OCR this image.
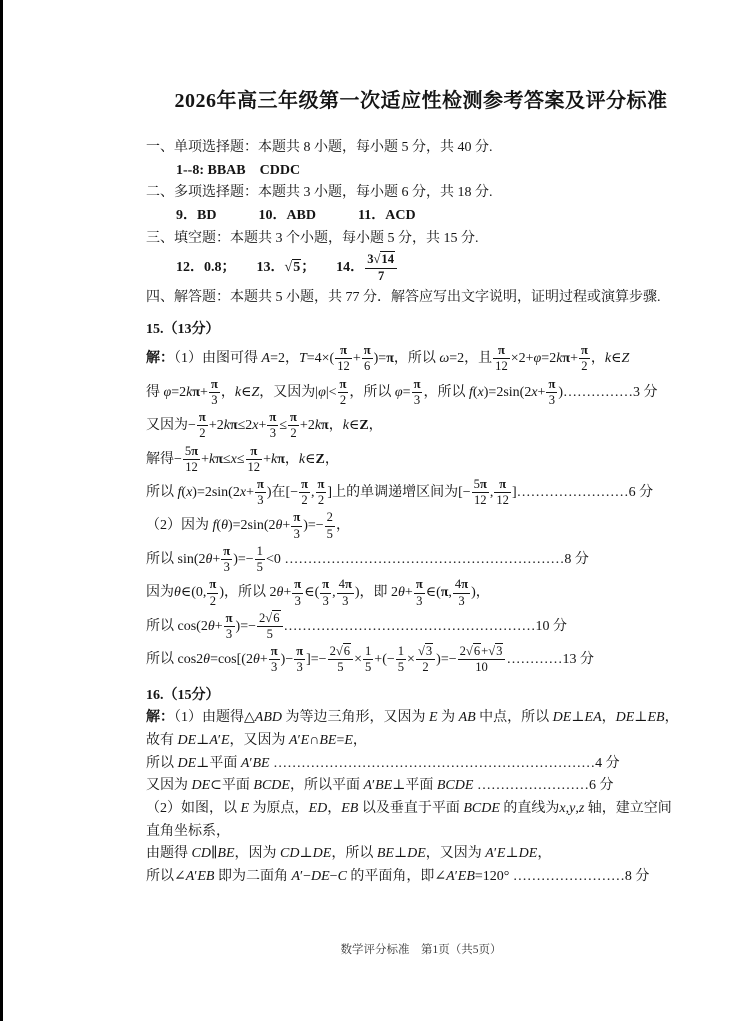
2026年高三年级第一次适应性检测参考答案及评分标准
一、单项选择题：本题共 8 小题，每小题 5 分，共 40 分.
1--8: BBAB CDDC
二、多项选择题：本题共 3 小题，每小题 6 分，共 18 分.
9．BD   10．ABD   11．ACD
三、填空题：本题共 3 个小题，每小题 5 分，共 15 分.
12．0.8；  13．√5；  14． $\frac{3√14}{7}$
四、解答题：本题共 5 小题，共 77 分．解答应写出文字说明，证明过程或演算步骤.
15.（13分）
解：（1）由图可得 A=2，$T=4\times( \frac{\pi}{12} + \frac{\pi}{6} )=\pi$，所以 ω=2，且 $\frac{\pi}{12} \times 2+\varphi=2k\pi+ \frac{\pi}{2}$ ，k∈Z
得 $\varphi=2k\pi+ \frac{\pi}{3}$ ，k∈Z，又因为$|\varphi|< \frac{\pi}{2}$ ，所以 $\varphi= \frac{\pi}{3}$ ，所以 $f(x)=2\sin(2x+ \frac{\pi}{3}$ )……………3 分
又因为− $\frac{\pi}{2} +2k\pi\le 2x+ \frac{\pi}{3} \le \frac{\pi}{2} +2k\pi$，k∈Z，
解得− $\frac{5\pi}{12} +k\pi\le x\le \frac{\pi}{12} +k\pi$，k∈Z，
所以 $f(x)=2\sin(2x+ \frac{\pi}{3}$ )在[− $\frac{\pi}{2}$ , $\frac{\pi}{2}$ ]上的单调递增区间为[− $\frac{5\pi}{12}$ , $\frac{\pi}{12}$ ]……………………6 分
（2）因为 $f(\theta)=2\sin(2\theta+ \frac{\pi}{3}$ )=− $\frac{2}{5}$ ，
所以 $\sin(2\theta+ \frac{\pi}{3}$ )=− $\frac{1}{5} <0$ ……………………………………………………8 分
因为θ∈(0, $\frac{\pi}{2}$ )，所以 $2\theta+ \frac{\pi}{3}$ ∈( $\frac{\pi}{3}$ , $\frac{4\pi}{3}$ )，即 $2\theta+ \frac{\pi}{3}$ ∈(π, $\frac{4\pi}{3}$ )，
所以 $\cos(2\theta+ \frac{\pi}{3}$ )=− $\frac{2√6}{5}$ ………………………………………………10 分
所以 $\cos 2\theta=\cos[(2\theta+ \frac{\pi}{3}$ )− $\frac{\pi}{3}$ ]=− $\frac{2√6}{5} \times \frac{1}{5}$ +(− $\frac{1}{5} \times \frac{√3}{2}$ )=− $\frac{2√6+√3}{10}$ …………13 分
16.（15分）
解：（1）由题得△ABD 为等边三角形，又因为 E 为 AB 中点，所以 DE⊥EA，DE⊥EB，
故有 DE⊥A′E，又因为 A′E∩BE=E，
所以 DE⊥平面 A′BE ……………………………………………………………4 分
又因为 DE⊂平面 BCDE，所以平面 A′BE⊥平面 BCDE ……………………6 分
（2）如图，以 E 为原点，ED，EB 以及垂直于平面 BCDE 的直线为x,y,z 轴，建立空间
直角坐标系，
由题得 CD∥BE，因为 CD⊥DE，所以 BE⊥DE，又因为 A′E⊥DE，
所以∠A′EB 即为二面角 A′−DE−C 的平面角，即∠A′EB=120° ……………………8 分
数学评分标准　第1页（共5页）
